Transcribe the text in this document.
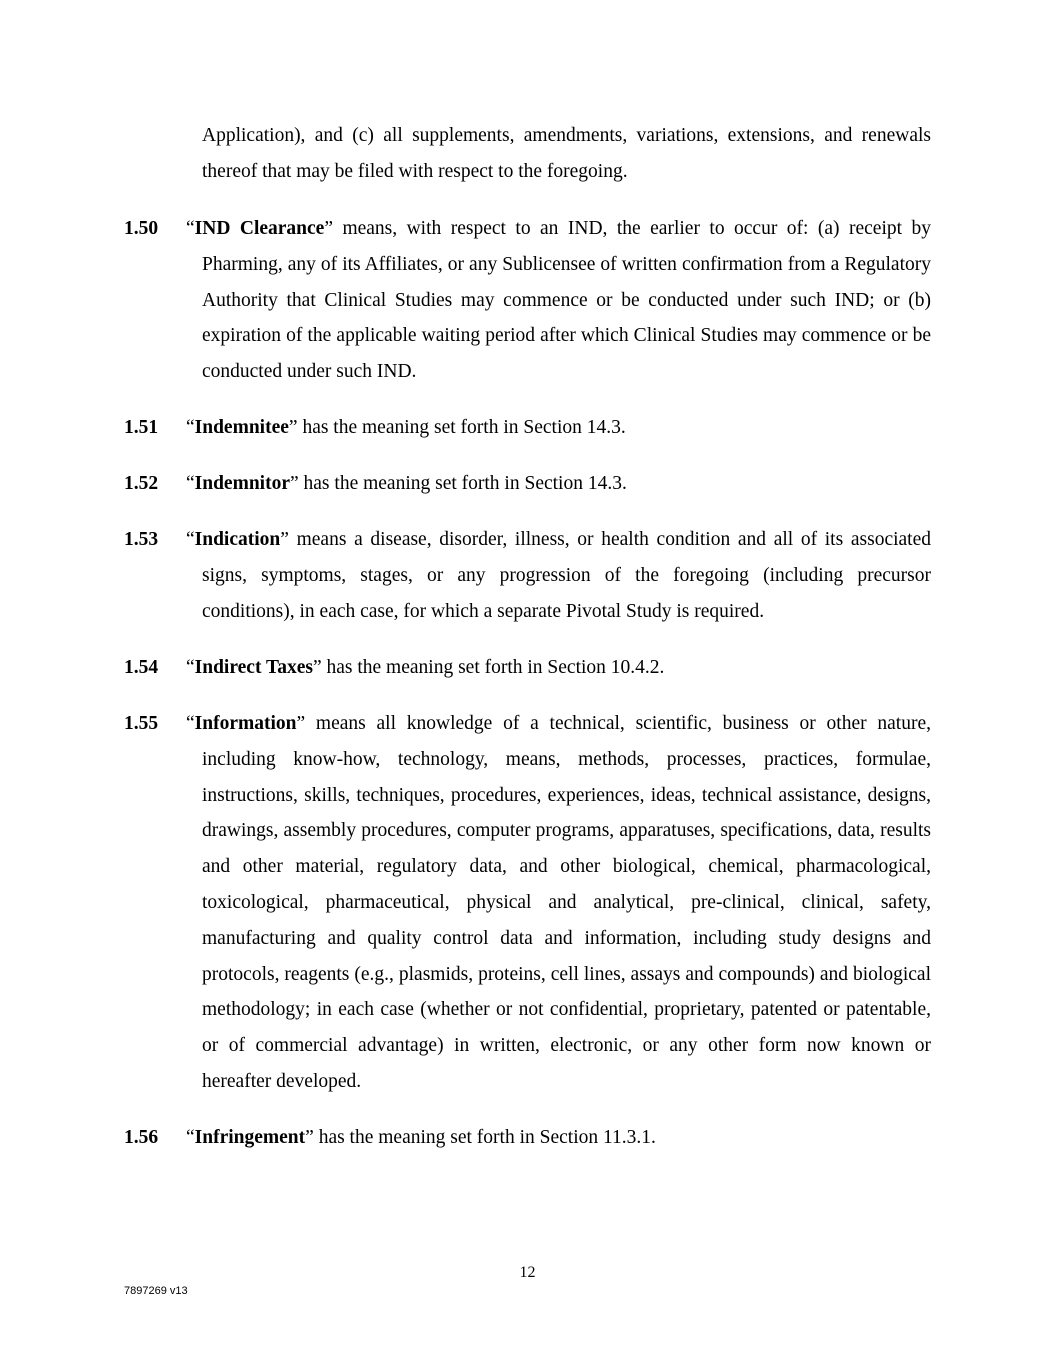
Application), and (c) all supplements, amendments, variations, extensions, and renewals thereof that may be filed with respect to the foregoing.
1.50 “IND Clearance” means, with respect to an IND, the earlier to occur of: (a) receipt by Pharming, any of its Affiliates, or any Sublicensee of written confirmation from a Regulatory Authority that Clinical Studies may commence or be conducted under such IND; or (b) expiration of the applicable waiting period after which Clinical Studies may commence or be conducted under such IND.
1.51 “Indemnitee” has the meaning set forth in Section 14.3.
1.52 “Indemnitor” has the meaning set forth in Section 14.3.
1.53 “Indication” means a disease, disorder, illness, or health condition and all of its associated signs, symptoms, stages, or any progression of the foregoing (including precursor conditions), in each case, for which a separate Pivotal Study is required.
1.54 “Indirect Taxes” has the meaning set forth in Section 10.4.2.
1.55 “Information” means all knowledge of a technical, scientific, business or other nature, including know-how, technology, means, methods, processes, practices, formulae, instructions, skills, techniques, procedures, experiences, ideas, technical assistance, designs, drawings, assembly procedures, computer programs, apparatuses, specifications, data, results and other material, regulatory data, and other biological, chemical, pharmacological, toxicological, pharmaceutical, physical and analytical, pre-clinical, clinical, safety, manufacturing and quality control data and information, including study designs and protocols, reagents (e.g., plasmids, proteins, cell lines, assays and compounds) and biological methodology; in each case (whether or not confidential, proprietary, patented or patentable, or of commercial advantage) in written, electronic, or any other form now known or hereafter developed.
1.56 “Infringement” has the meaning set forth in Section 11.3.1.
12
7897269 v13
